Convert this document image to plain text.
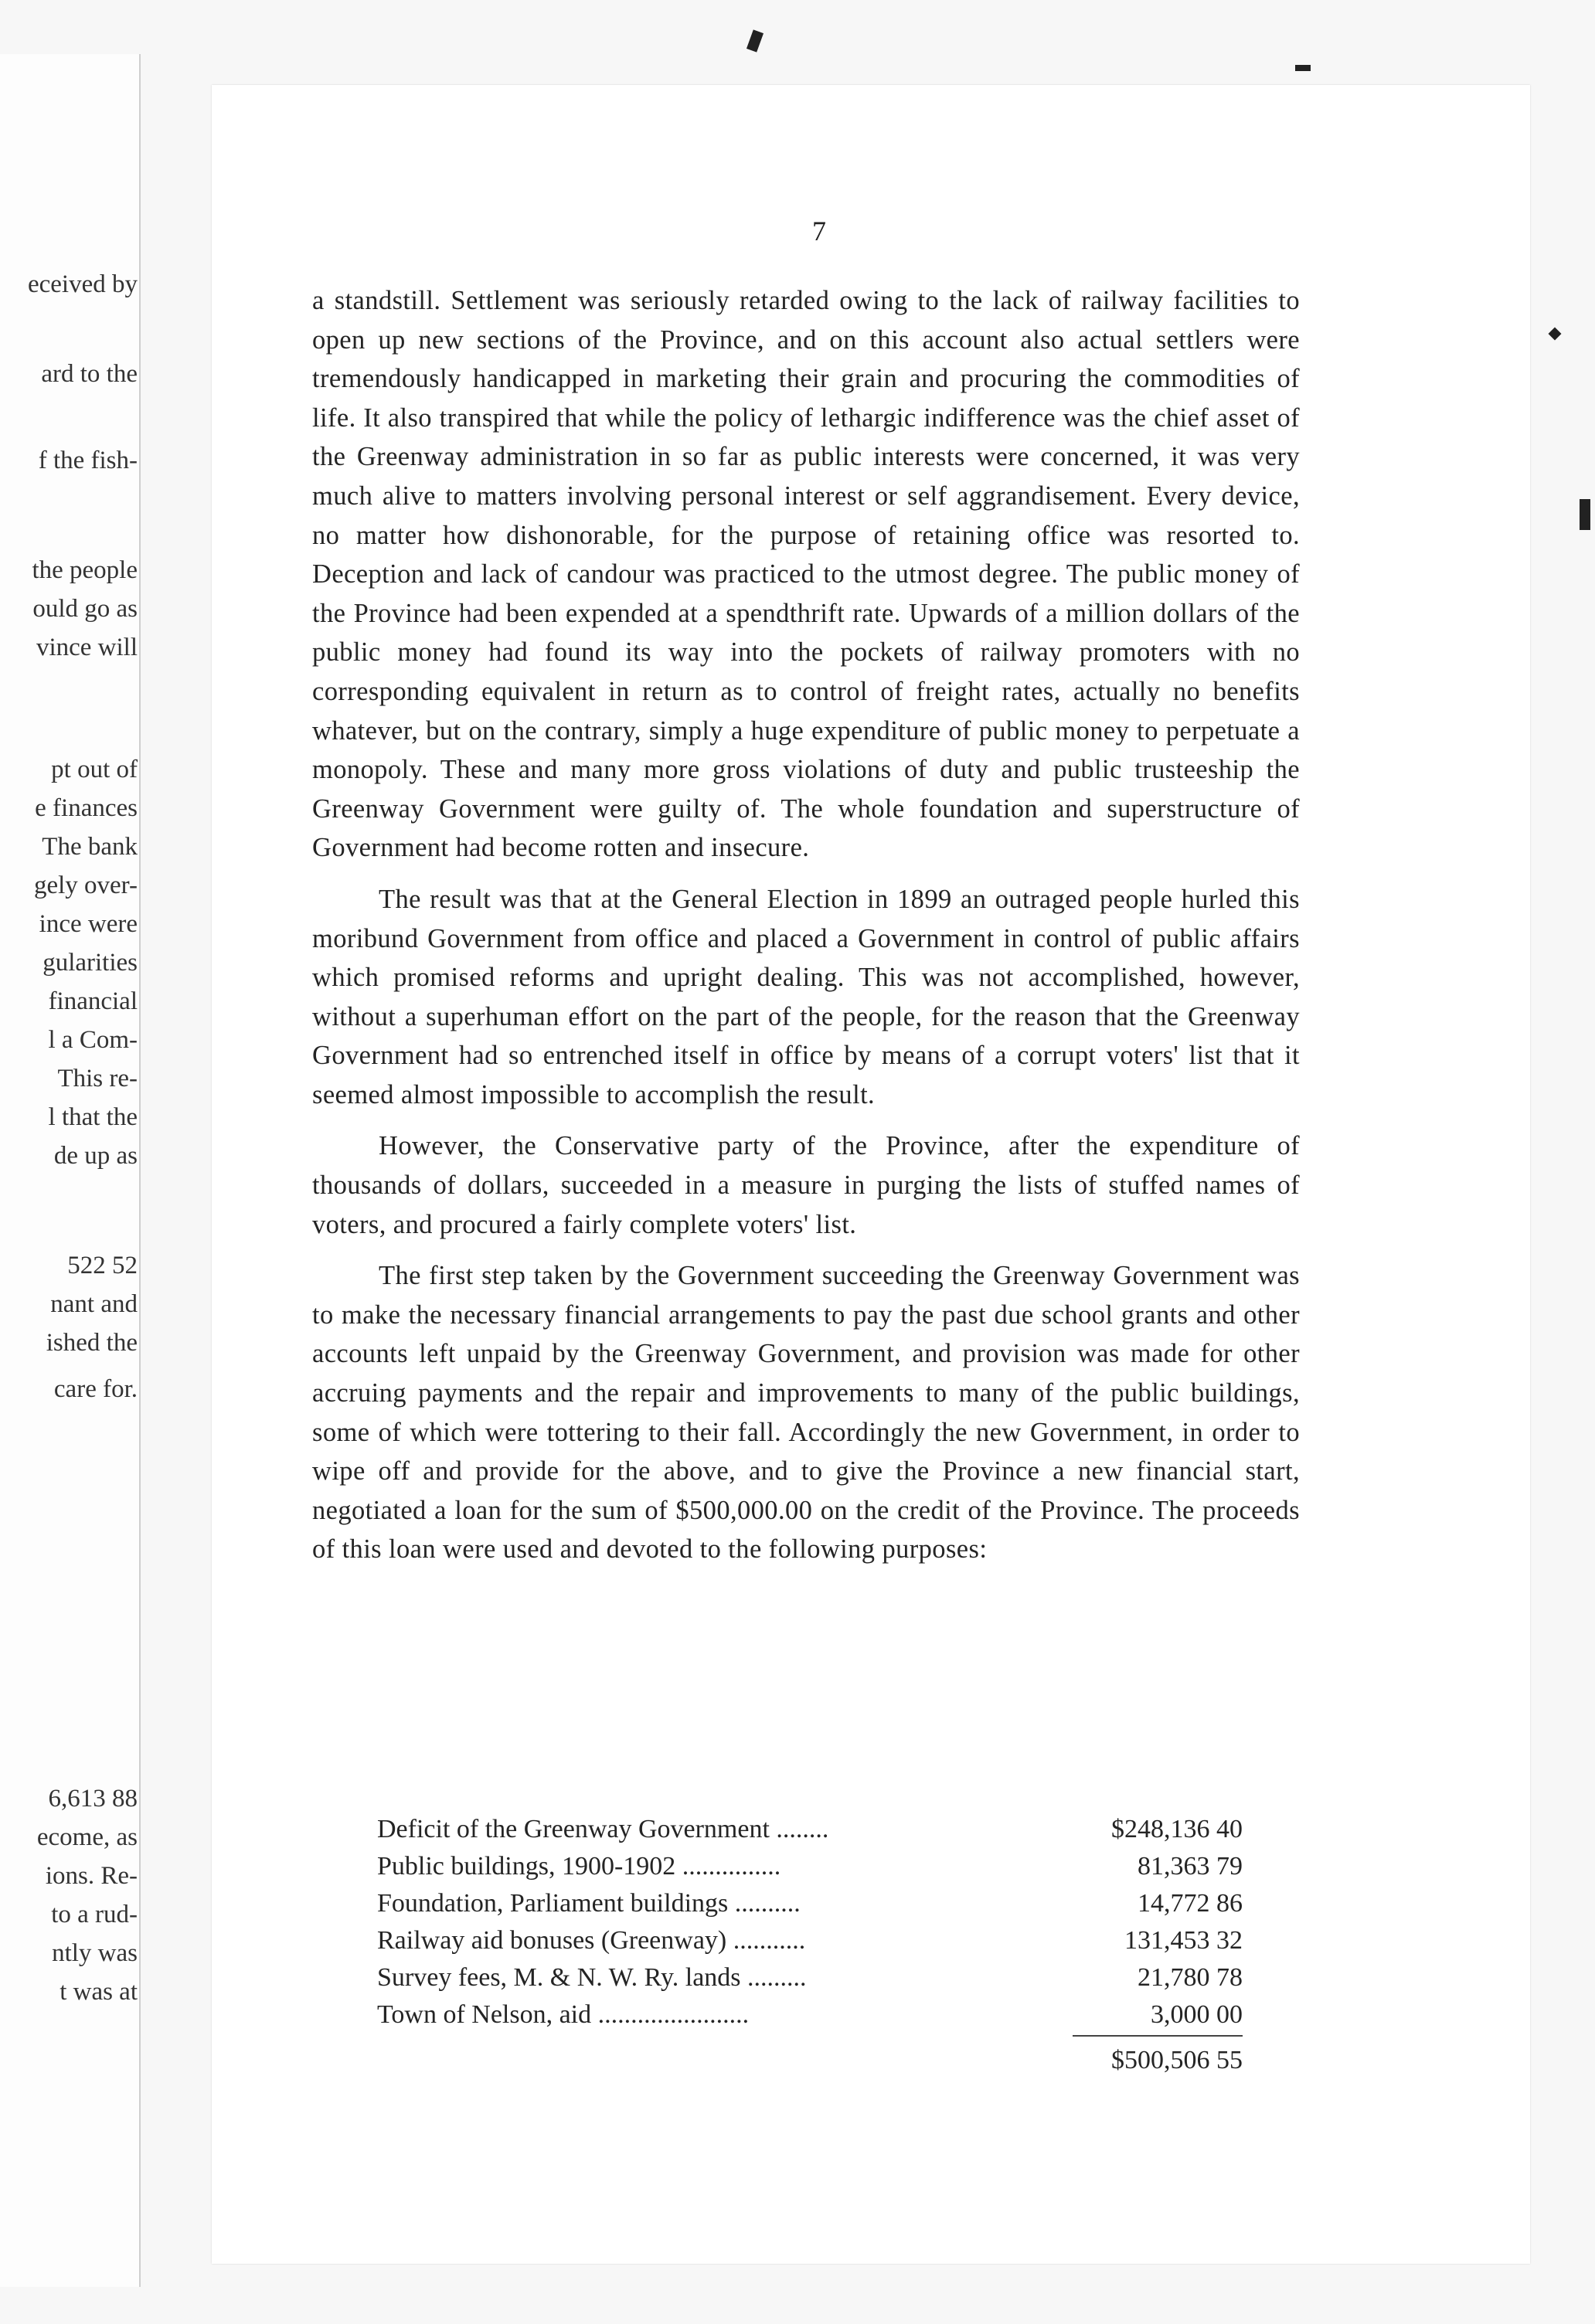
eceived by
ard to the
f the fish-
the people
ould go as
vince will
pt out of
e finances
The bank
gely over-
ince were
gularities
financial
l a Com-
This re-
l that the
de up as
522 52
nant and
ished the
care for.
6,613 88
ecome, as
ions. Re-
to a rud-
ntly was
t was at
7

a standstill. Settlement was seriously retarded owing to the lack of railway facilities to open up new sections of the Province, and on this account also actual settlers were tremendously handicapped in marketing their grain and procuring the commodities of life. It also transpired that while the policy of lethargic indifference was the chief asset of the Greenway administration in so far as public interests were concerned, it was very much alive to matters involving personal interest or self aggrandisement. Every device, no matter how dishonorable, for the purpose of retaining office was resorted to. Deception and lack of candour was practiced to the utmost degree. The public money of the Province had been expended at a spendthrift rate. Upwards of a million dollars of the public money had found its way into the pockets of railway promoters with no corresponding equivalent in return as to control of freight rates, actually no benefits whatever, but on the contrary, simply a huge expenditure of public money to perpetuate a monopoly. These and many more gross violations of duty and public trusteeship the Greenway Government were guilty of. The whole foundation and superstructure of Government had become rotten and insecure.

The result was that at the General Election in 1899 an outraged people hurled this moribund Government from office and placed a Government in control of public affairs which promised reforms and upright dealing. This was not accomplished, however, without a superhuman effort on the part of the people, for the reason that the Greenway Government had so entrenched itself in office by means of a corrupt voters' list that it seemed almost impossible to accomplish the result.

However, the Conservative party of the Province, after the expenditure of thousands of dollars, succeeded in a measure in purging the lists of stuffed names of voters, and procured a fairly complete voters' list.

The first step taken by the Government succeeding the Greenway Government was to make the necessary financial arrangements to pay the past due school grants and other accounts left unpaid by the Greenway Government, and provision was made for other accruing payments and the repair and improvements to many of the public buildings, some of which were tottering to their fall. Accordingly the new Government, in order to wipe off and provide for the above, and to give the Province a new financial start, negotiated a loan for the sum of $500,000.00 on the credit of the Province. The proceeds of this loan were used and devoted to the following purposes:

Deficit of the Greenway Government ........	$248,136 40
Public buildings, 1900-1902 ...............	81,363 79
Foundation, Parliament buildings ..........	14,772 86
Railway aid bonuses (Greenway) ...........	131,453 32
Survey fees, M. & N. W. Ry. lands .........	21,780 78
Town of Nelson, aid .......................	3,000 00
$500,506 55
